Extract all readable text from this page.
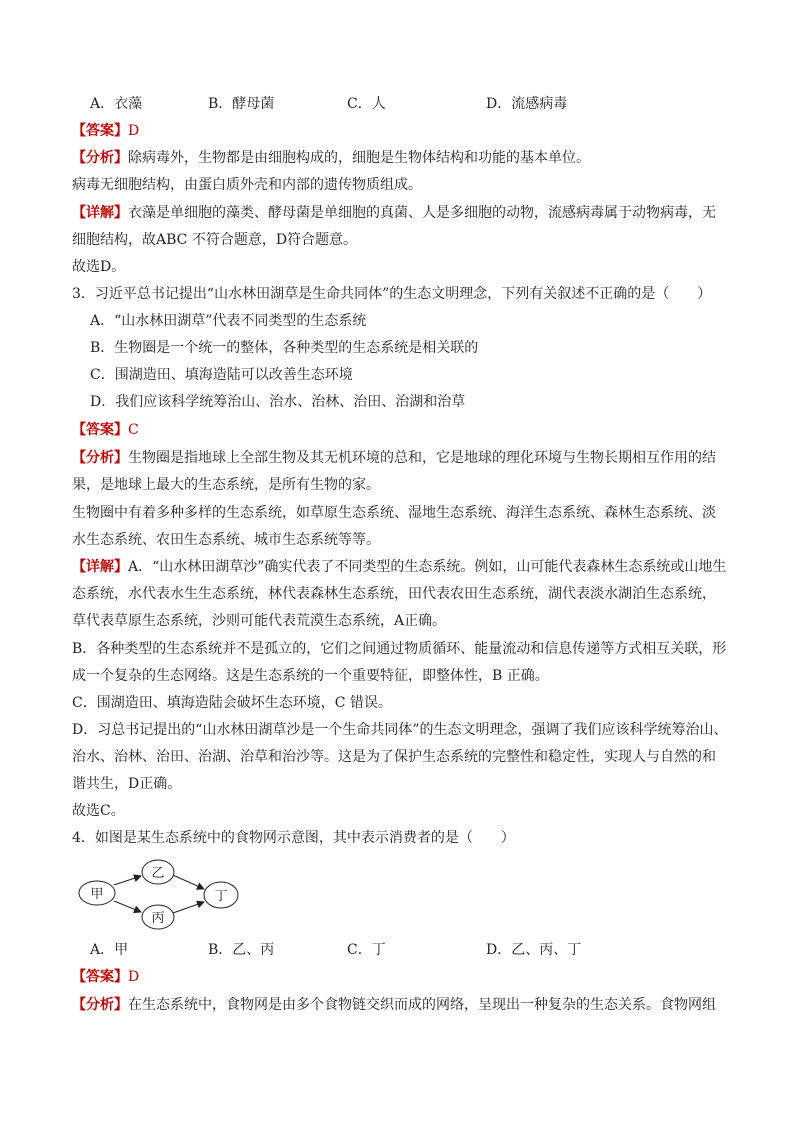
A．衣藻	B．酵母菌	C．人	D．流感病毒
【答案】D
【分析】除病毒外，生物都是由细胞构成的，细胞是生物体结构和功能的基本单位。
病毒无细胞结构，由蛋白质外壳和内部的遗传物质组成。
【详解】衣藻是单细胞的藻类、酵母菌是单细胞的真菌、人是多细胞的动物，流感病毒属于动物病毒，无
细胞结构，故ABC 不符合题意，D符合题意。
故选D。
3．习近平总书记提出“山水林田湖草是生命共同体”的生态文明理念，下列有关叙述不正确的是（　　）
A．“山水林田湖草”代表不同类型的生态系统
B．生物圈是一个统一的整体，各种类型的生态系统是相关联的
C．围湖造田、填海造陆可以改善生态环境
D．我们应该科学统筹治山、治水、治林、治田、治湖和治草
【答案】C
【分析】生物圈是指地球上全部生物及其无机环境的总和，它是地球的理化环境与生物长期相互作用的结
果，是地球上最大的生态系统，是所有生物的家。
生物圈中有着多种多样的生态系统，如草原生态系统、湿地生态系统、海洋生态系统、森林生态系统、淡
水生态系统、农田生态系统、城市生态系统等等。
【详解】A．“山水林田湖草沙”确实代表了不同类型的生态系统。例如，山可能代表森林生态系统或山地生
态系统，水代表水生生态系统，林代表森林生态系统，田代表农田生态系统，湖代表淡水湖泊生态系统，
草代表草原生态系统，沙则可能代表荒漠生态系统，A正确。
B．各种类型的生态系统并不是孤立的，它们之间通过物质循环、能量流动和信息传递等方式相互关联，形
成一个复杂的生态网络。这是生态系统的一个重要特征，即整体性，B 正确。
C．围湖造田、填海造陆会破坏生态环境，C 错误。
D．习总书记提出的“山水林田湖草沙是一个生命共同体”的生态文明理念，强调了我们应该科学统筹治山、
治水、治林、治田、治湖、治草和治沙等。这是为了保护生态系统的完整性和稳定性，实现人与自然的和
谐共生，D正确。
故选C。
4．如图是某生态系统中的食物网示意图，其中表示消费者的是（　　）
甲
乙
丙
丁
A．甲	B．乙、丙	C．丁	D．乙、丙、丁
【答案】D
【分析】在生态系统中，食物网是由多个食物链交织而成的网络，呈现出一种复杂的生态关系。食物网组
